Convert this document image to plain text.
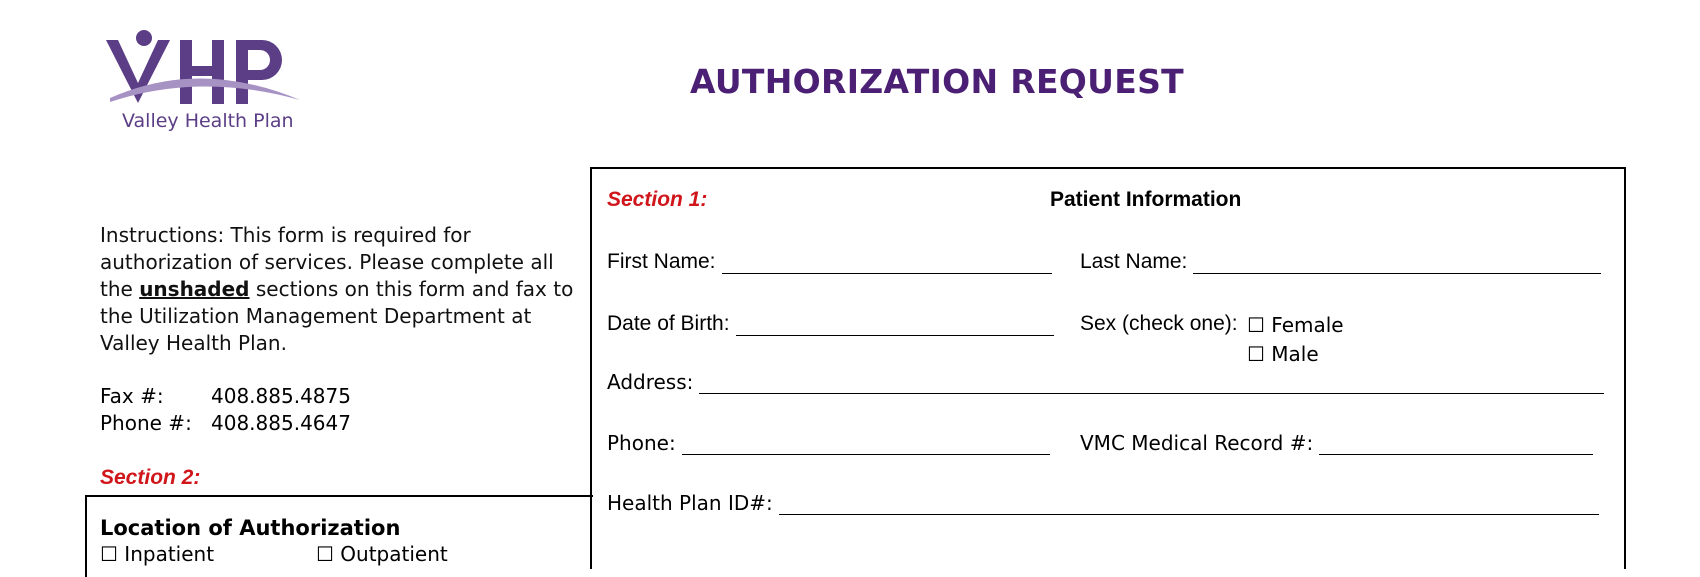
Valley Health Plan
AUTHORIZATION REQUEST
Instructions: This form is required for authorization of services. Please complete all the unshaded sections on this form and fax to the Utilization Management Department at Valley Health Plan.
Fax #: 408.885.4875
Phone #: 408.885.4647
Section 2:
Location of Authorization
☐ Inpatient	☐ Outpatient
Section 1:	Patient Information
First Name:	Last Name:
Date of Birth:	Sex (check one): ☐ Female
☐ Male
Address:
Phone:	VMC Medical Record #:
Health Plan ID#:
